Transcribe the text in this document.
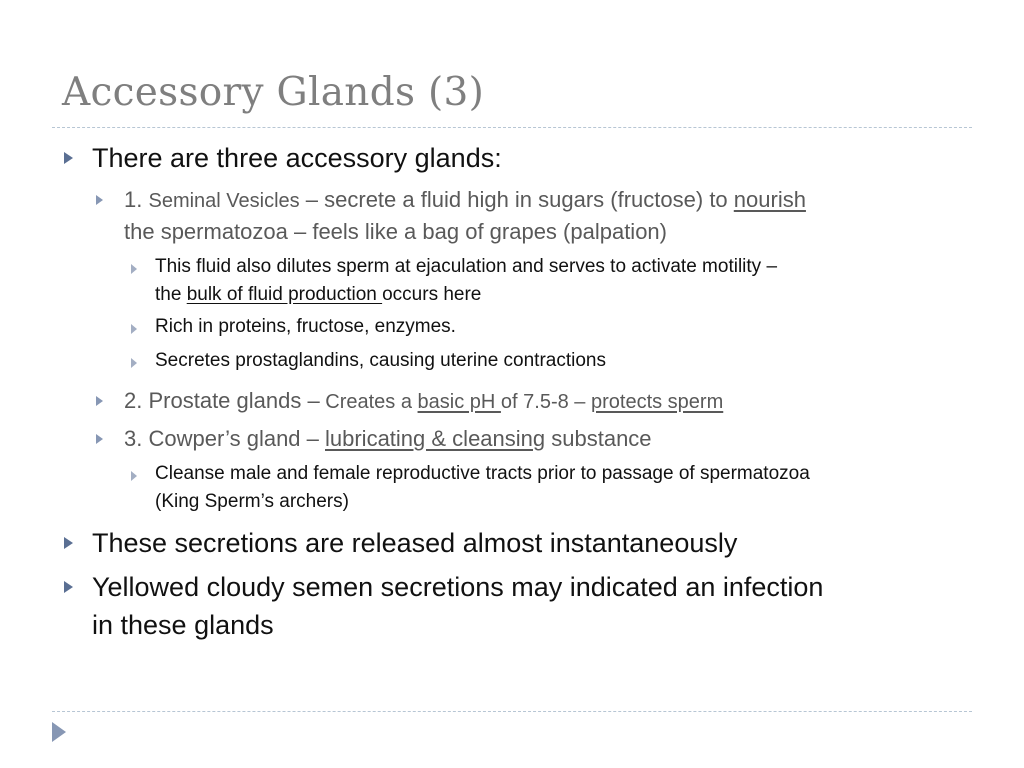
Accessory Glands (3)
There are three accessory glands:
1. Seminal Vesicles – secrete a fluid high in sugars (fructose) to nourish
the spermatozoa – feels like a bag of grapes (palpation)
This fluid also dilutes sperm at ejaculation and serves to activate motility –
the bulk of fluid production occurs here
Rich in proteins, fructose, enzymes.
Secretes prostaglandins, causing uterine contractions
2. Prostate glands – Creates a basic pH of 7.5-8 – protects sperm
3. Cowper’s gland – lubricating & cleansing substance
Cleanse male and female reproductive tracts prior to passage of spermatozoa
(King Sperm’s archers)
These secretions are released almost instantaneously
Yellowed cloudy semen secretions may indicated an infection
in these glands
